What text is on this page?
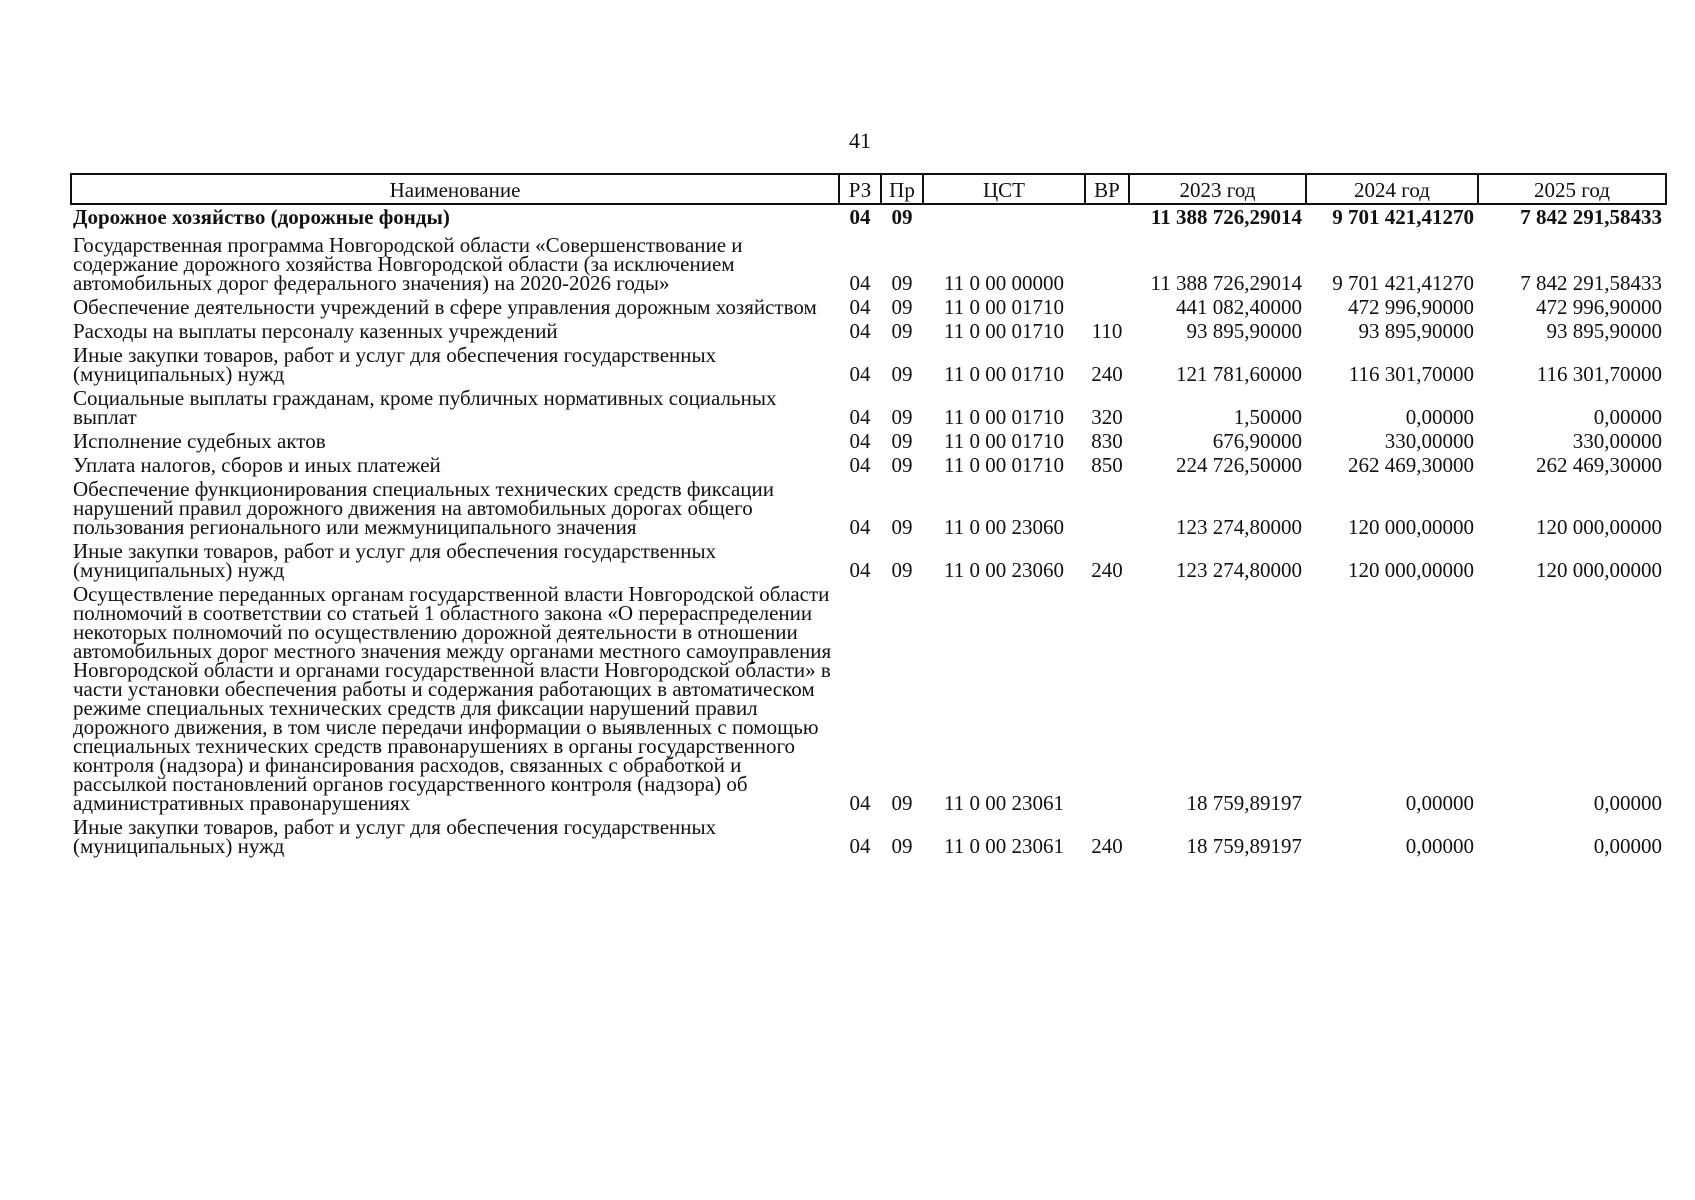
41
Наименование	РЗ	Пр	ЦСТ	ВР	2023 год	2024 год	2025 год
Дорожное хозяйство (дорожные фонды)	04	09			11 388 726,29014	9 701 421,41270	7 842 291,58433
Государственная программа Новгородской области «Совершенствование и содержание дорожного хозяйства Новгородской области (за исключением автомобильных дорог федерального значения) на 2020-2026 годы»	04	09	11 0 00 00000		11 388 726,29014	9 701 421,41270	7 842 291,58433
Обеспечение деятельности учреждений в сфере управления дорожным хозяйством	04	09	11 0 00 01710		441 082,40000	472 996,90000	472 996,90000
Расходы на выплаты персоналу казенных учреждений	04	09	11 0 00 01710	110	93 895,90000	93 895,90000	93 895,90000
Иные закупки товаров, работ и услуг для обеспечения государственных (муниципальных) нужд	04	09	11 0 00 01710	240	121 781,60000	116 301,70000	116 301,70000
Социальные выплаты гражданам, кроме публичных нормативных социальных выплат	04	09	11 0 00 01710	320	1,50000	0,00000	0,00000
Исполнение судебных актов	04	09	11 0 00 01710	830	676,90000	330,00000	330,00000
Уплата налогов, сборов и иных платежей	04	09	11 0 00 01710	850	224 726,50000	262 469,30000	262 469,30000
Обеспечение функционирования специальных технических средств фиксации нарушений правил дорожного движения на автомобильных дорогах общего пользования регионального или межмуниципального значения	04	09	11 0 00 23060		123 274,80000	120 000,00000	120 000,00000
Иные закупки товаров, работ и услуг для обеспечения государственных (муниципальных) нужд	04	09	11 0 00 23060	240	123 274,80000	120 000,00000	120 000,00000
Осуществление переданных органам государственной власти Новгородской области полномочий в соответствии со статьей 1 областного закона «О перераспределении некоторых полномочий по осуществлению дорожной деятельности в отношении автомобильных дорог местного значения между органами местного самоуправления Новгородской области и органами государственной власти Новгородской области» в части установки обеспечения работы и содержания работающих в автоматическом режиме специальных технических средств для фиксации нарушений правил дорожного движения, в том числе передачи информации о выявленных с помощью специальных технических средств правонарушениях в органы государственного контроля (надзора) и финансирования расходов, связанных с обработкой и рассылкой постановлений органов государственного контроля (надзора) об административных правонарушениях	04	09	11 0 00 23061		18 759,89197	0,00000	0,00000
Иные закупки товаров, работ и услуг для обеспечения государственных (муниципальных) нужд	04	09	11 0 00 23061	240	18 759,89197	0,00000	0,00000
